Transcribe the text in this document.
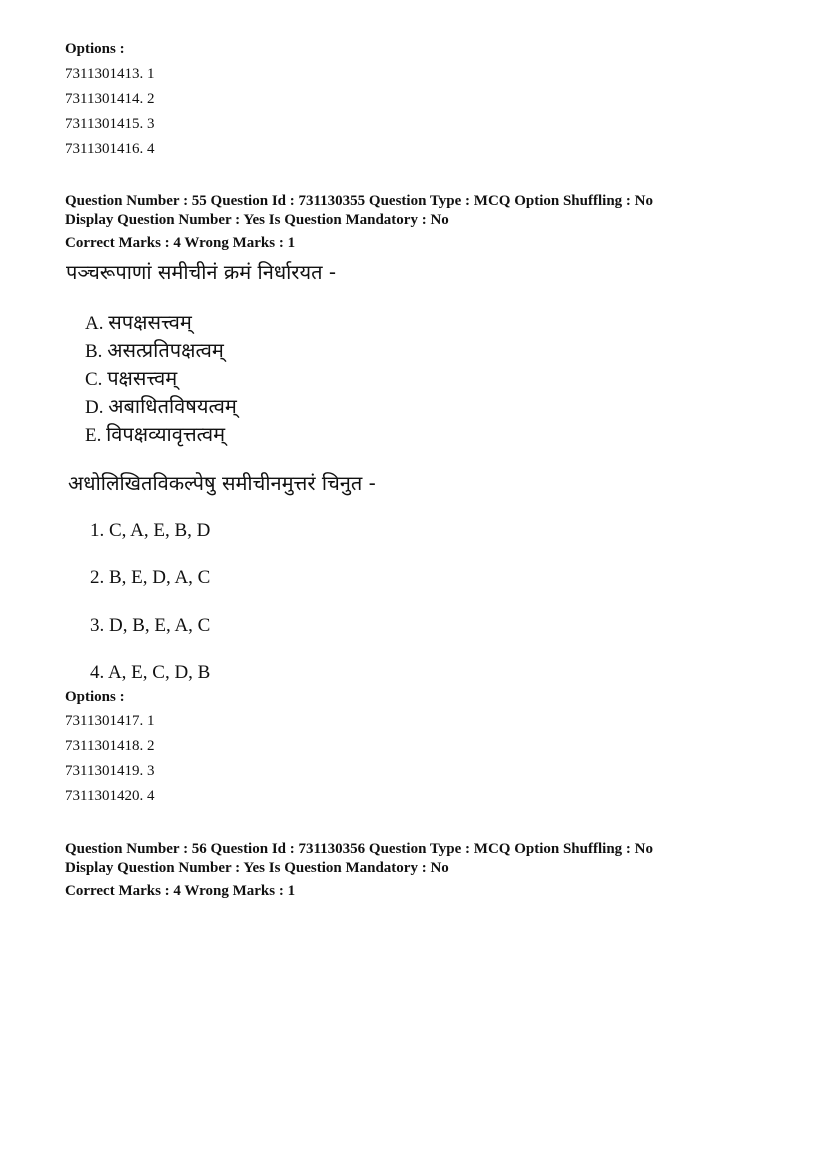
Options :
7311301413. 1
7311301414. 2
7311301415. 3
7311301416. 4
Question Number : 55 Question Id : 731130355 Question Type : MCQ Option Shuffling : No
Display Question Number : Yes Is Question Mandatory : No
Correct Marks : 4 Wrong Marks : 1
पञ्चरूपाणां समीचीनं क्रमं निर्धारयत -
A. सपक्षसत्त्वम्
B. असत्प्रतिपक्षत्वम्
C. पक्षसत्त्वम्
D. अबाधितविषयत्वम्
E. विपक्षव्यावृत्तत्वम्
अधोलिखितविकल्पेषु समीचीनमुत्तरं चिनुत -
1. C, A, E, B, D
2. B, E, D, A, C
3. D, B, E, A, C
4. A, E, C, D, B
Options :
7311301417. 1
7311301418. 2
7311301419. 3
7311301420. 4
Question Number : 56 Question Id : 731130356 Question Type : MCQ Option Shuffling : No
Display Question Number : Yes Is Question Mandatory : No
Correct Marks : 4 Wrong Marks : 1
